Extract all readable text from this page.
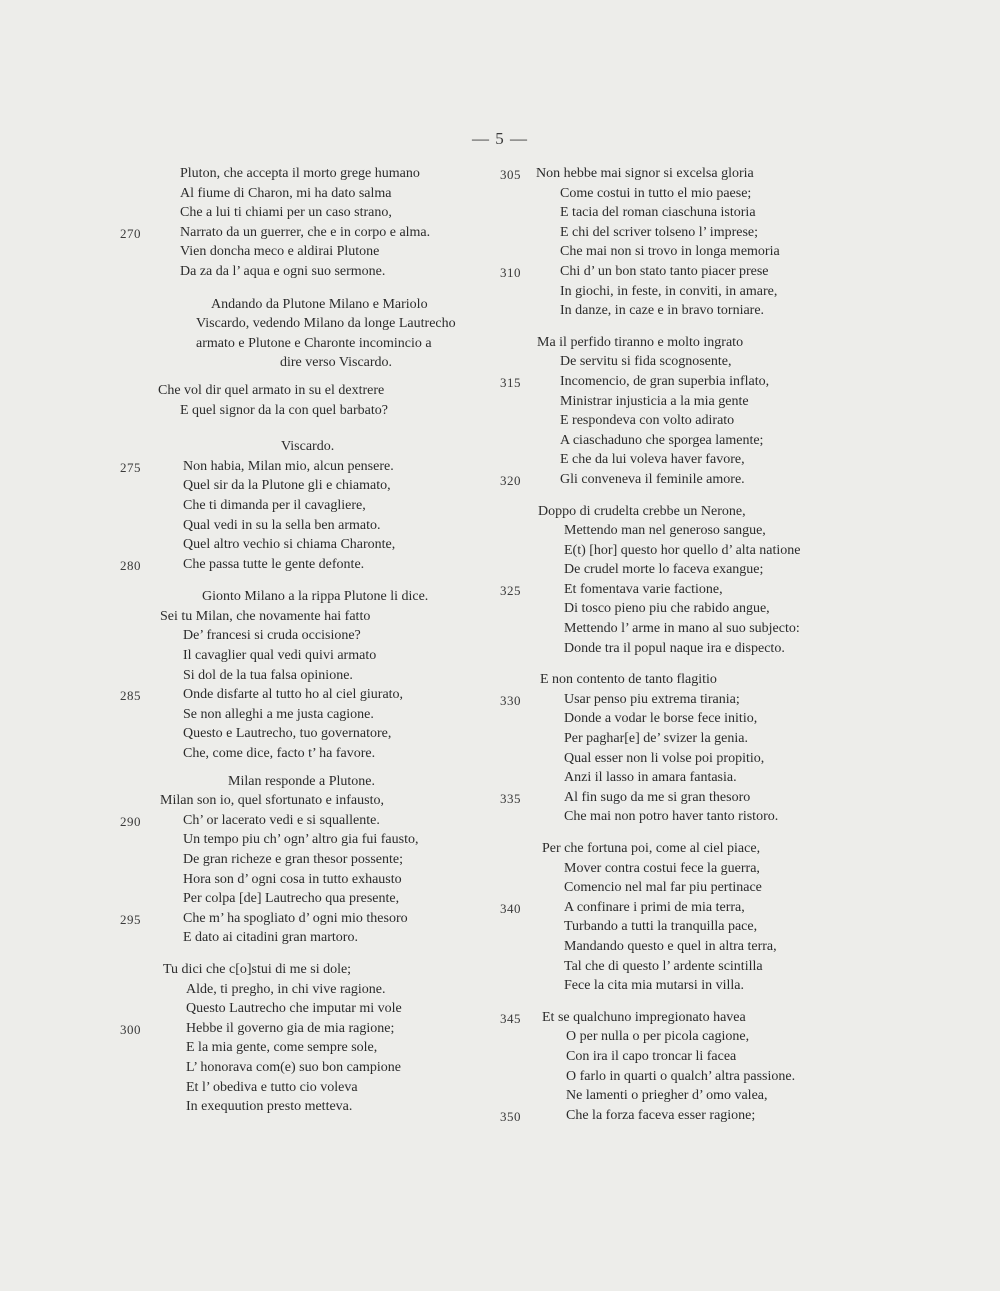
— 5 —
Pluton, che accepta il morto grege humano
Al fiume di Charon, mi ha dato salma
Che a lui ti chiami per un caso strano,
270	Narrato da un guerrer, che e in corpo e alma.
Vien doncha meco e aldirai Plutone
Da za da l’ aqua e ogni suo sermone.
Andando da Plutone Milano e Mariolo
Viscardo, vedendo Milano da longe Lautrecho
armato e Plutone e Charonte incomincio a
dire verso Viscardo.
Che vol dir quel armato in su el dextrere
E quel signor da la con quel barbato?
Viscardo.
275	Non habia, Milan mio, alcun pensere.
Quel sir da la Plutone gli e chiamato,
Che ti dimanda per il cavagliere,
Qual vedi in su la sella ben armato.
Quel altro vechio si chiama Charonte,
280	Che passa tutte le gente defonte.
Gionto Milano a la rippa Plutone li dice.
Sei tu Milan, che novamente hai fatto
De’ francesi si cruda occisione?
Il cavaglier qual vedi quivi armato
Si dol de la tua falsa opinione.
285	Onde disfarte al tutto ho al ciel giurato,
Se non alleghi a me justa cagione.
Questo e Lautrecho, tuo governatore,
Che, come dice, facto t’ ha favore.
Milan responde a Plutone.
Milan son io, quel sfortunato e infausto,
290	Ch’ or lacerato vedi e si squallente.
Un tempo piu ch’ ogn’ altro gia fui fausto,
De gran richeze e gran thesor possente;
Hora son d’ ogni cosa in tutto exhausto
Per colpa [de] Lautrecho qua presente,
295	Che m’ ha spogliato d’ ogni mio thesoro
E dato ai citadini gran martoro.
Tu dici che c[o]stui di me si dole;
Alde, ti pregho, in chi vive ragione.
Questo Lautrecho che imputar mi vole
300	Hebbe il governo gia de mia ragione;
E la mia gente, come sempre sole,
L’ honorava com(e) suo bon campione
Et l’ obediva e tutto cio voleva
In exequution presto metteva.
305 Non hebbe mai signor si excelsa gloria
Come costui in tutto el mio paese;
E tacia del roman ciaschuna istoria
E chi del scriver tolseno l’ imprese;
Che mai non si trovo in longa memoria
310	Chi d’ un bon stato tanto piacer prese
In giochi, in feste, in conviti, in amare,
In danze, in caze e in bravo torniare.
Ma il perfido tiranno e molto ingrato
De servitu si fida scognosente,
315	Incomencio, de gran superbia inflato,
Ministrar injusticia a la mia gente
E respondeva con volto adirato
A ciaschaduno che sporgea lamente;
E che da lui voleva haver favore,
320	Gli conveneva il feminile amore.
Doppo di crudelta crebbe un Nerone,
Mettendo man nel generoso sangue,
E(t) [hor] questo hor quello d’ alta natione
De crudel morte lo faceva exangue;
325	Et fomentava varie factione,
Di tosco pieno piu che rabido angue,
Mettendo l’ arme in mano al suo subjecto:
Donde tra il popul naque ira e dispecto.
E non contento de tanto flagitio
330	Usar penso piu extrema tirania;
Donde a vodar le borse fece initio,
Per paghar[e] de’ svizer la genia.
Qual esser non li volse poi propitio,
Anzi il lasso in amara fantasia.
335	Al fin sugo da me si gran thesoro
Che mai non potro haver tanto ristoro.
Per che fortuna poi, come al ciel piace,
Mover contra costui fece la guerra,
Comencio nel mal far piu pertinace
340	A confinare i primi de mia terra,
Turbando a tutti la tranquilla pace,
Mandando questo e quel in altra terra,
Tal che di questo l’ ardente scintilla
Fece la cita mia mutarsi in villa.
345 Et se qualchuno impregionato havea
O per nulla o per picola cagione,
Con ira il capo troncar li facea
O farlo in quarti o qualch’ altra passione.
Ne lamenti o priegher d’ omo valea,
350	Che la forza faceva esser ragione;
